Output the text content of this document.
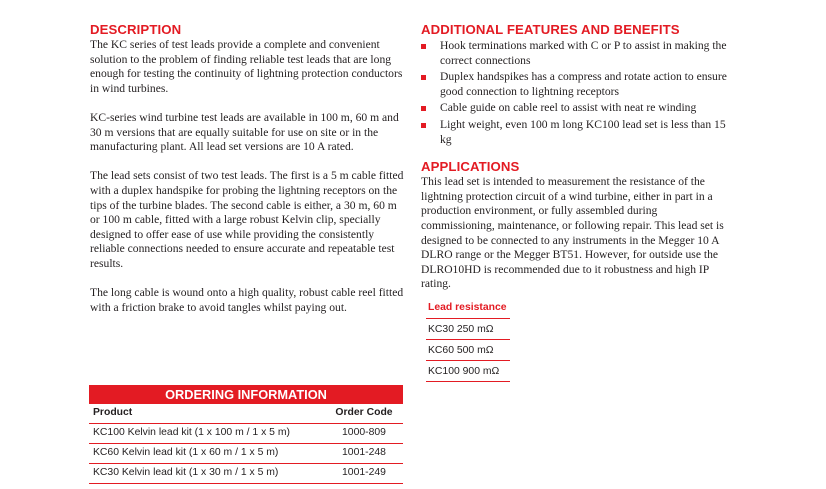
DESCRIPTION

The KC series of test leads provide a complete and convenient solution to the problem of finding reliable test leads that are long enough for testing the continuity of lightning protection conductors in wind turbines.

KC-series wind turbine test leads are available in 100 m, 60 m and 30 m versions that are equally suitable for use on site or in the manufacturing plant. All lead set versions are 10 A rated.

The lead sets consist of two test leads. The first is a 5 m cable fitted with a duplex handspike for probing the lightning receptors on the tips of the turbine blades. The second cable is either, a 30 m, 60 m or 100 m cable, fitted with a large robust Kelvin clip, specially designed to offer ease of use while providing the consistently reliable connections needed to ensure accurate and repeatable test results.

The long cable is wound onto a high quality, robust cable reel fitted with a friction brake to avoid tangles whilst paying out.

ADDITIONAL FEATURES AND BENEFITS
Hook terminations marked with C or P to assist in making the correct connections
Duplex handspikes has a compress and rotate action to ensure good connection to lightning receptors
Cable guide on cable reel to assist with neat re winding
Light weight, even 100 m long KC100 lead set is less than 15 kg
APPLICATIONS

This lead set is intended to measurement the resistance of the lightning protection circuit of a wind turbine, either in part in a production environment, or fully assembled during commissioning, maintenance, or following repair. This lead set is designed to be connected to any instruments in the Megger 10 A DLRO range or the Megger BT51. However, for outside use the DLRO10HD is recommended due to it robustness and high IP rating.

Lead resistance
KC30 250 mΩ
KC60 500 mΩ
KC100 900 mΩ
ORDERING INFORMATION
Product	Order Code
KC100 Kelvin lead kit (1 x 100 m / 1 x 5 m)	1000-809
KC60 Kelvin lead kit (1 x 60 m / 1 x 5 m)	1001-248
KC30 Kelvin lead kit (1 x 30 m / 1 x 5 m)	1001-249
